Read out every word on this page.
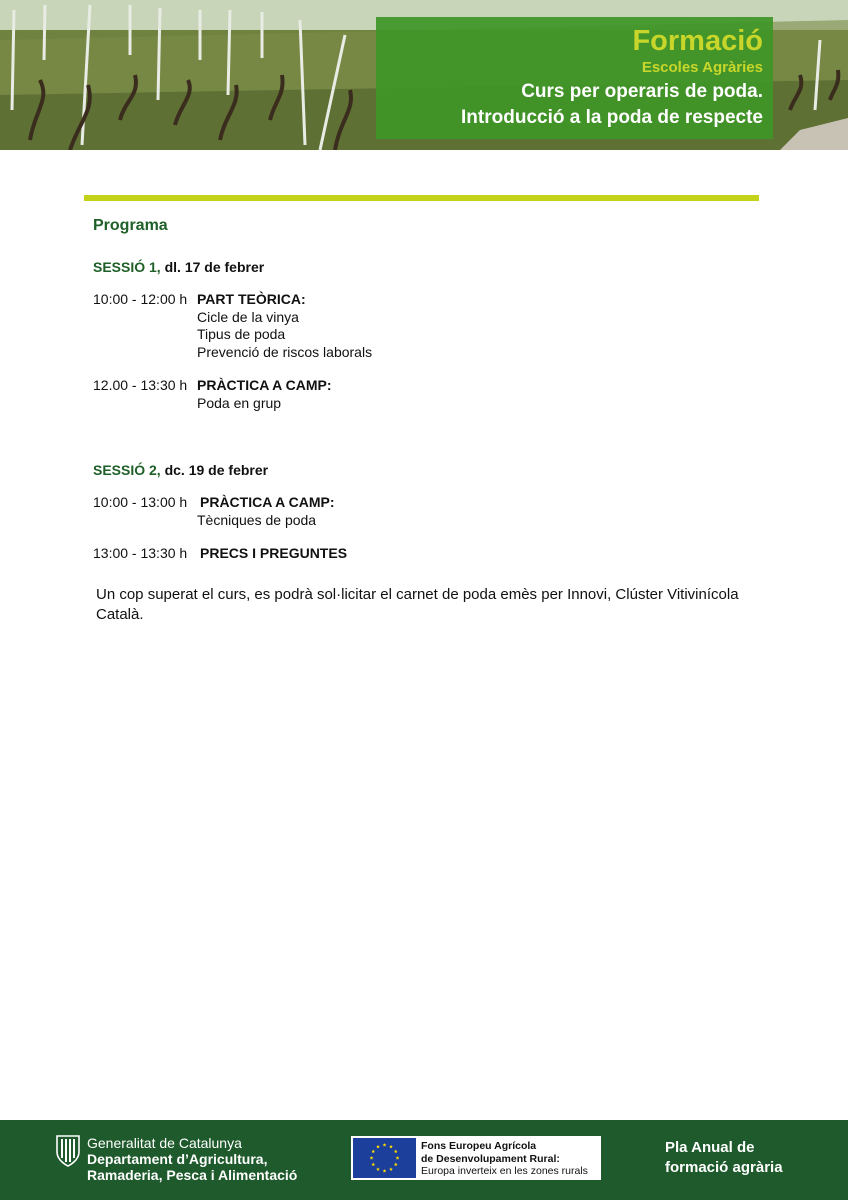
Formació
Escoles Agràries
Curs per operaris de poda.
Introducció a la poda de respecte
Programa
SESSIÓ 1, dl. 17 de febrer
10:00 - 12:00 h PART TEÒRICA:
Cicle de la vinya
Tipus de poda
Prevenció de riscos laborals
12.00 - 13:30 h PRÀCTICA A CAMP:
Poda en grup
SESSIÓ 2, dc. 19 de febrer
10:00 - 13:00 h PRÀCTICA A CAMP:
Tècniques de poda
13:00 - 13:30 h PRECS I PREGUNTES
Un cop superat el curs, es podrà sol·licitar el carnet de poda emès per Innovi, Clúster Vitivinícola Català.
Generalitat de Catalunya
Departament d’Agricultura,
Ramaderia, Pesca i Alimentació
Fons Europeu Agrícola
de Desenvolupament Rural:
Europa inverteix en les zones rurals
Pla Anual de
formació agrària
